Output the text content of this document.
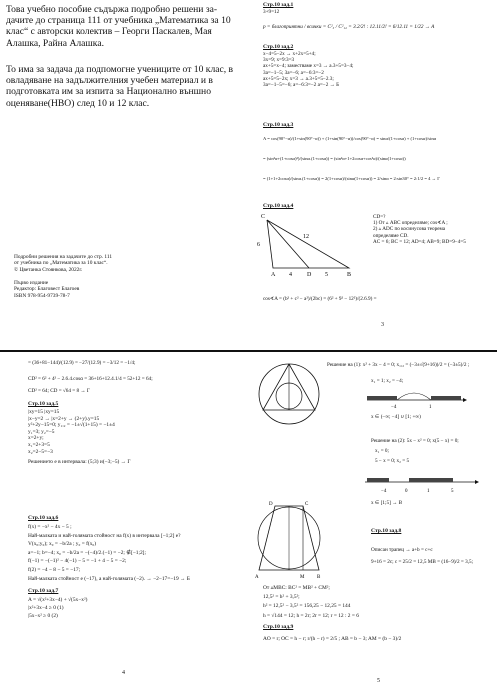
Това учебно пособие съдържа подробно решени за- дачите до страница 111 от учебника „Математика за 10 клас“ с авторски колектив – Георги Паскалев, Мая Алашка, Райна Алашка.
То има за задача да подпомогне учениците от 10 клас, в овладяване на задължителния учебен материал и в подготовката им за изпита за Национално външно оценяване(НВО) след 10 и 12 клас.
Подробни решения на задачите до стр. 111
от учебника по „Математика за 10 клас“.
© Цветанка Стоянкова, 2022г.
Първо издание
Редактор: Благовест Благоев
ISBN 978-954-9739-78-7
Стр.10 зад.1
3+9=12
p = благоприятни / всички = C²₃ / C²₁₂ = 3.2/2! : 12.11/2! = 6/12.11 = 1/22 → A
Стр.10 зад.2
x−4=5−2x → x+2x=5+4;
3x=9; x=9:3=3
ax+5=x−4; заместваме x=3 → a.3+5=3−4;
3a=−1−5; 3a=−6; a=−6:3=−2
ax+5=5−2x; x=3 → a.3+5=5−2.3;
3a=−1−5=−6; a=−6:3=−2 a=−2 → Б
Стр.10 зад.3
A = cos(90°−α)/(1+sin(90°−α)) + (1+sin(90°−α))/cos(90°−α) = sinα/(1+cosα) + (1+cosα)/sinα
= (sin²α+(1+cosα)²)/(sinα.(1+cosα)) = (sin²α+1+2cosα+cos²α)/(sinα(1+cosα))
= (1+1+2cosα)/(sinα.(1+cosα)) = 2(1+cosα)/(sinα(1+cosα)) = 2/sinα = 2:sin30° = 2:1/2 = 4 → Г
Стр.10 зад.4
C
6
12
A 4	D 5	B
CD=?
1) От ▵ ABC определяме; cos∢A ;
2) ▵ ADC по косинусова теорема
определяме CD.
AC = 6; BC = 12; AD=4; AB=9; BD=9−4=5
cos∢A = (b² + c² − a²)/(2bc) = (6² + 9² − 12²)/(2.6.9) =
3
= (36+81−144)/(12.9) = −27/(12.9) = −3/12 = −1/4;
CD² = 6² + 4² − 2.6.4.cosα = 36+16+12.4.1/4 = 52+12 = 64;
CD² = 64; CD = √64 = 8 → Г
Стр.10 зад.5
|xy=15 |xy=15
|x−y=2 → |x=2+y → (2+y).y=15
y²+2y−15=0; y₁,₂ = −1±√(1+15) = −1±4
y₁=3; y₂=−5
x=2+y;
x₁=2+3=5
x₂=2−5=−3
Решението е в интервала: (5;3) и(−3;−5) → Г
Стр.10 зад.6
f(x) = −x² − 4x − 5 ;
Най-малката и най-голямата стойност на f(x) в интервала [−1;2] е?
V(x₀;y₀); x₀ = −b/2a ; y₀ = f(x₀)
a=−1; b=−4; x₀ = −b/2a = −(−4)/2.(−1) = −2; ∉[−1;2];
f(−1) = −(−1)² − 4(−1) − 5 = −1 + 4 − 5 = −2;
f(2) = −4 − 8 − 5 = −17;
Най-малката стойност е (−17), а най-голямата (−2). → −2−17=−19 → Б
Стр.10 зад.7
A = √(x²+3x−4) + √(5x−x²)
|x²+3x−4 ≥ 0 (1)
|5x−x² ≥ 0 (2)
4
Решение на (1): x² + 3x − 4 = 0; x₁,₂ = (−3±√(9+16))/2 = (−3±5)/2 ;
x₁ = 1; x₂ = −4;
−4	1
x ∈ (−∞; −4] ∪ [1; +∞)
Решение на (2): 5x − x² = 0; x(5 − x) = 0;
x₁ = 0;
5 − x = 0; x₂ = 5
−4	0	1	5
x ∈ [1;5] → B
D	C
A	M	B
Стр.10 зад.8
Описан трапец → a+b = c+c
9+16 = 2c; c = 25/2 = 12,5 MB = (16−9)/2 = 3,5;
От ▵MBC: BC² = MB² + CM²;
12,5² = h² + 3,5²;
h² = 12,5² − 3,5² = 156,25 − 12,25 = 144
h = √144 = 12; h = 2r; 2r = 12; r = 12 : 2 = 6
Стр.10 зад.9
AO = r; OC = h − r; r/(h − r) = 2/5 ; AB = b − 3; AM = (b − 3)/2
5
